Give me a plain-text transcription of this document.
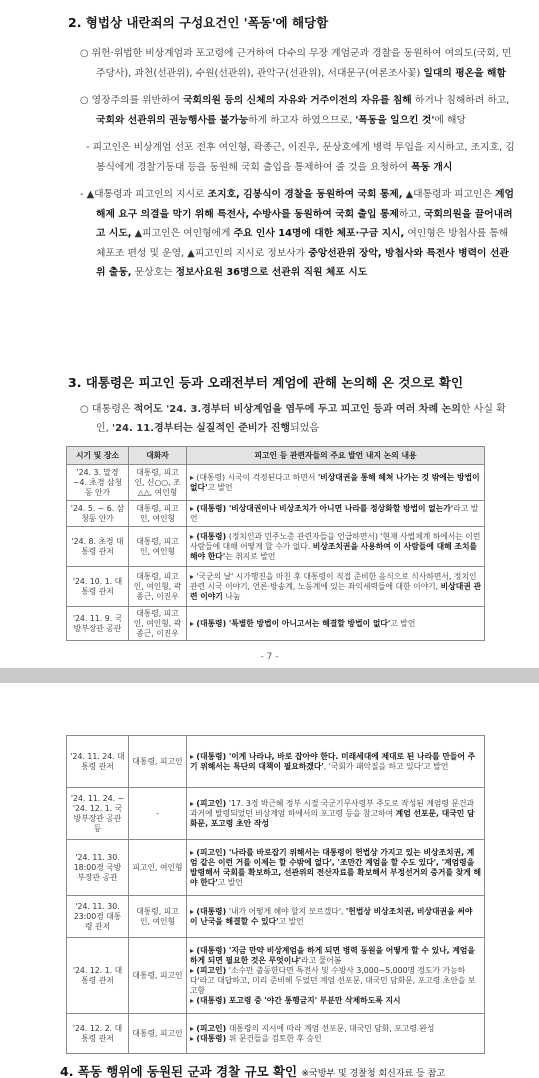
2. 형법상 내란죄의 구성요건인 '폭동'에 해당함
○ 위헌·위법한 비상계엄과 포고령에 근거하여 다수의 무장 계엄군과 경찰을 동원하여 여의도(국회, 민주당사), 과천(선관위), 수원(선관위), 관악구(선관위), 서대문구(여론조사꽃) 일대의 평온을 해함
○ 영장주의를 위반하여 국회의원 등의 신체의 자유와 거주이전의 자유를 침해 하거나 침해하려 하고, 국회와 선관위의 권능행사를 불가능하게 하고자 하였으므로, '폭동을 일으킨 것'에 해당
- 피고인은 비상계엄 선포 전후 여인형, 곽종근, 이진우, 문상호에게 병력 투입을 지시하고, 조지호, 김봉식에게 경찰기동대 등을 동원해 국회 출입을 통제하여 줄 것을 요청하여 폭동 개시
- ▲대통령과 피고인의 지시로 조지호, 김봉식이 경찰을 동원하여 국회 통제, ▲대통령과 피고인은 계엄해제 요구 의결을 막기 위해 특전사, 수방사를 동원하여 국회 출입 통제하고, 국회의원을 끌어내려고 시도, ▲피고인은 여인형에게 주요 인사 14명에 대한 체포·구금 지시, 여인형은 방첩사를 통해 체포조 편성 및 운영, ▲피고인의 지시로 정보사가 중앙선관위 장악, 방첩사와 특전사 병력이 선관위 출동, 문상호는 정보사요원 36명으로 선관위 직원 체포 시도
3. 대통령은 피고인 등과 오래전부터 계엄에 관해 논의해 온 것으로 확인
○ 대통령은 적어도 '24. 3.경부터 비상계엄을 염두에 두고 피고인 등과 여러 차례 논의한 사실 확인, '24. 11.경부터는 실질적인 준비가 진행되었음
시기 및 장소	대화자	피고인 등 관련자들의 주요 발언 내지 논의 내용
'24. 3. 말경~4. 초경 삼청동 안가	대통령, 피고인, 신○○, 조△△, 여인형	▸ (대통령) 시국이 걱정된다고 하면서 '비상대권을 통해 헤쳐 나가는 것 밖에는 방법이 없다'고 발언
'24. 5. ~ 6. 삼청동 안가	대통령, 피고인, 여인형	▸ (대통령) '비상대권이나 비상조치가 아니면 나라를 정상화할 방법이 없는가'라고 발언
'24. 8. 초경 대통령 관저	대통령, 피고인, 여인형	▸ (대통령) (정치인과 민주노총 관련자들을 언급하면서) '현재 사법체계 하에서는 이런 사람들에 대해 어떻게 할 수가 없다. 비상조치권을 사용하여 이 사람들에 대해 조치를 해야 한다'는 취지로 발언
'24. 10. 1. 대통령 관저	대통령, 피고인, 여인형, 곽종근, 이진우	▸ '국군의 날' 시가행진을 마친 후 대통령이 직접 준비한 음식으로 식사하면서, 정치인 관련 시국 이야기, 언론·방송계, 노동계에 있는 좌익세력들에 대한 이야기, 비상대권 관련 이야기 나눔
'24. 11. 9. 국방부장관 공관	대통령, 피고인, 여인형, 곽종근, 이진우	▸ (대통령) '특별한 방법이 아니고서는 해결할 방법이 없다'고 발언
- 7 -
'24. 11. 24. 대통령 관저	대통령, 피고인	▸ (대통령) '이게 나라냐, 바로 잡아야 한다. 미래세대에 제대로 된 나라를 만들어 주기 위해서는 특단의 대책이 필요하겠다', '국회가 패악질을 하고 있다'고 발언
'24. 11. 24. ~ '24. 12. 1. 국방부장관 공관 등	-	▸ (피고인) '17. 3경 박근혜 정부 시절 국군기무사령부 주도로 작성된 계엄령 문건과 과거에 발령되었던 비상계엄 하에서의 포고령 등을 참고하여 계엄 선포문, 대국민 담화문, 포고령 초안 작성
'24. 11. 30. 18:00경 국방부장관 공관	피고인, 여인형	▸ (피고인) '나라를 바로잡기 위해서는 대통령이 헌법상 가지고 있는 비상조치권, 계엄 같은 이런 거를 이제는 할 수밖에 없다', '조만간 계엄을 할 수도 있다', '계엄령을 발령해서 국회를 확보하고, 선관위의 전산자료를 확보해서 부정선거의 증거를 찾게 해야 한다'고 발언
'24. 11. 30. 23:00경 대통령 관저	대통령, 피고인, 여인형	▸ (대통령) '내가 어떻게 해야 할지 모르겠다', '헌법상 비상조치권, 비상대권을 써야 이 난국을 해결할 수 있다'고 발언
'24. 12. 1. 대통령 관저	대통령, 피고인	▸ (대통령) '지금 만약 비상계엄을 하게 되면 병력 동원을 어떻게 할 수 있나, 계엄을 하게 되면 필요한 것은 무엇이냐'라고 물어봄
▸ (피고인) '소수만 출동한다면 특전사 및 수방사 3,000~5,000명 정도가 가능하다'라고 대답하고, 미리 준비해 두었던 계엄 선포문, 대국민 담화문, 포고령 초안을 보고함
▸ (대통령) 포고령 중 '야간 통행금지' 부분만 삭제하도록 지시
'24. 12. 2. 대통령 관저	대통령, 피고인	▸ (피고인) 대통령의 지시에 따라 계엄 선포문, 대국민 담화, 포고령 완성
▸ (대통령) 위 문건들을 검토한 후 승인
4. 폭동 행위에 동원된 군과 경찰 규모 확인 ※국방부 및 경찰청 회신자료 등 참고
